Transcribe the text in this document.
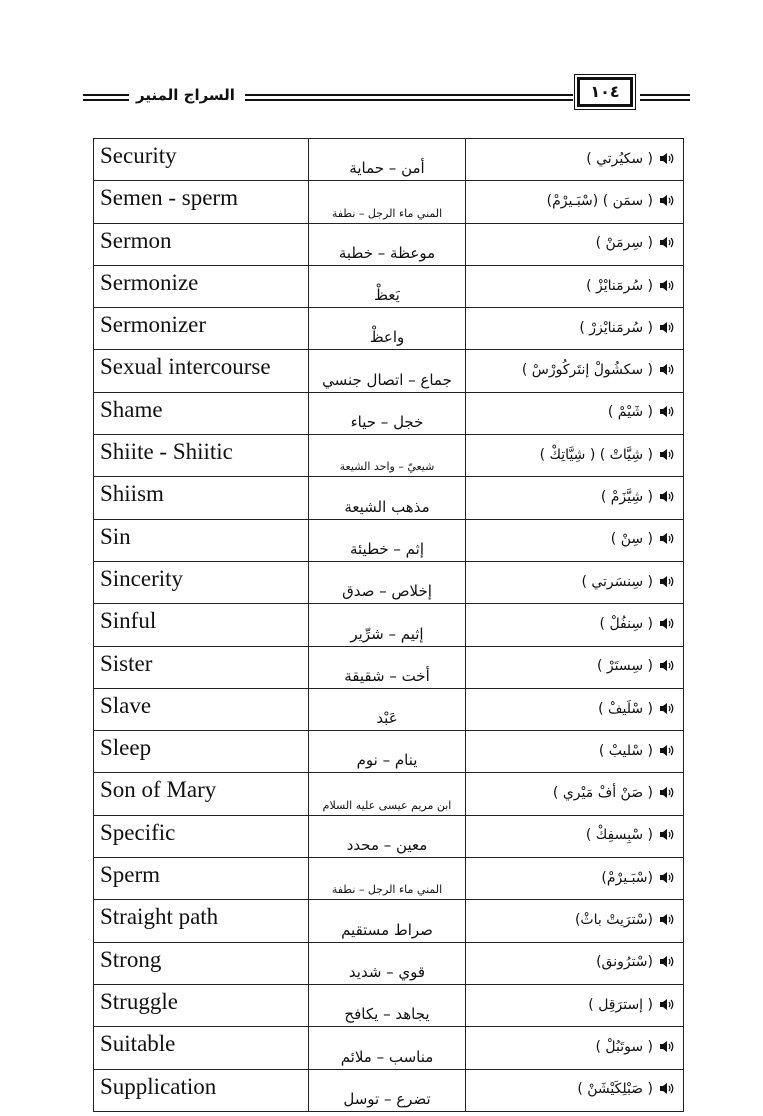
السراج المنير	١٠٤
Security	أمن – حماية	( سكيُرتي )
Semen - sperm	المني ماء الرجل – نطفة	( سمَن ) (سْبَـيرْمْ)
Sermon	موعظة – خطبة	( سِرمَنْ )
Sermonize	يَعظْ	( سُرمَنايْزْ )
Sermonizer	واعظْ	( سُرمَنايْزرْ )
Sexual intercourse	جماع – اتصال جنسي	( سكشُولْ إنتَركُورْسْ )
Shame	خجل – حياء	( شَيْمْ )
Shiite - Shiitic	شيعيّ – واحد الشيعة	( شِيَّاتْ ) ( شِيَّاتِكْ )
Shiism	مذهب الشيعة	( شِيَّزَمْ )
Sin	إثم – خطيئة	( سِنْ )
Sincerity	إخلاص – صدق	( سِنسَرتي )
Sinful	إثيم – شرِّير	( سِنفُلْ )
Sister	أخت – شقيقة	( سِستَرْ )
Slave	عَبْد	( سْلَيفْ )
Sleep	ينام – نوم	( سْليبْ )
Son of Mary	ابن مريم عيسى عليه السلام	( صَنْ أفْ مَيْري )
Specific	معين – محدد	( سْبِسفِكْ )
Sperm	المني ماء الرجل – نطفة	(سْبَـيرْمْ)
Straight path	صراط مستقيم	(سْترَيتْ باثْ)
Strong	قوي – شديد	(سْترُونق)
Struggle	يجاهد – يكافح	( إسترَقِل )
Suitable	مناسب – ملائم	( سوتَبُلْ )
Supplication	تضرع – توسل	( صَبْلِكَيْشَنْ )
